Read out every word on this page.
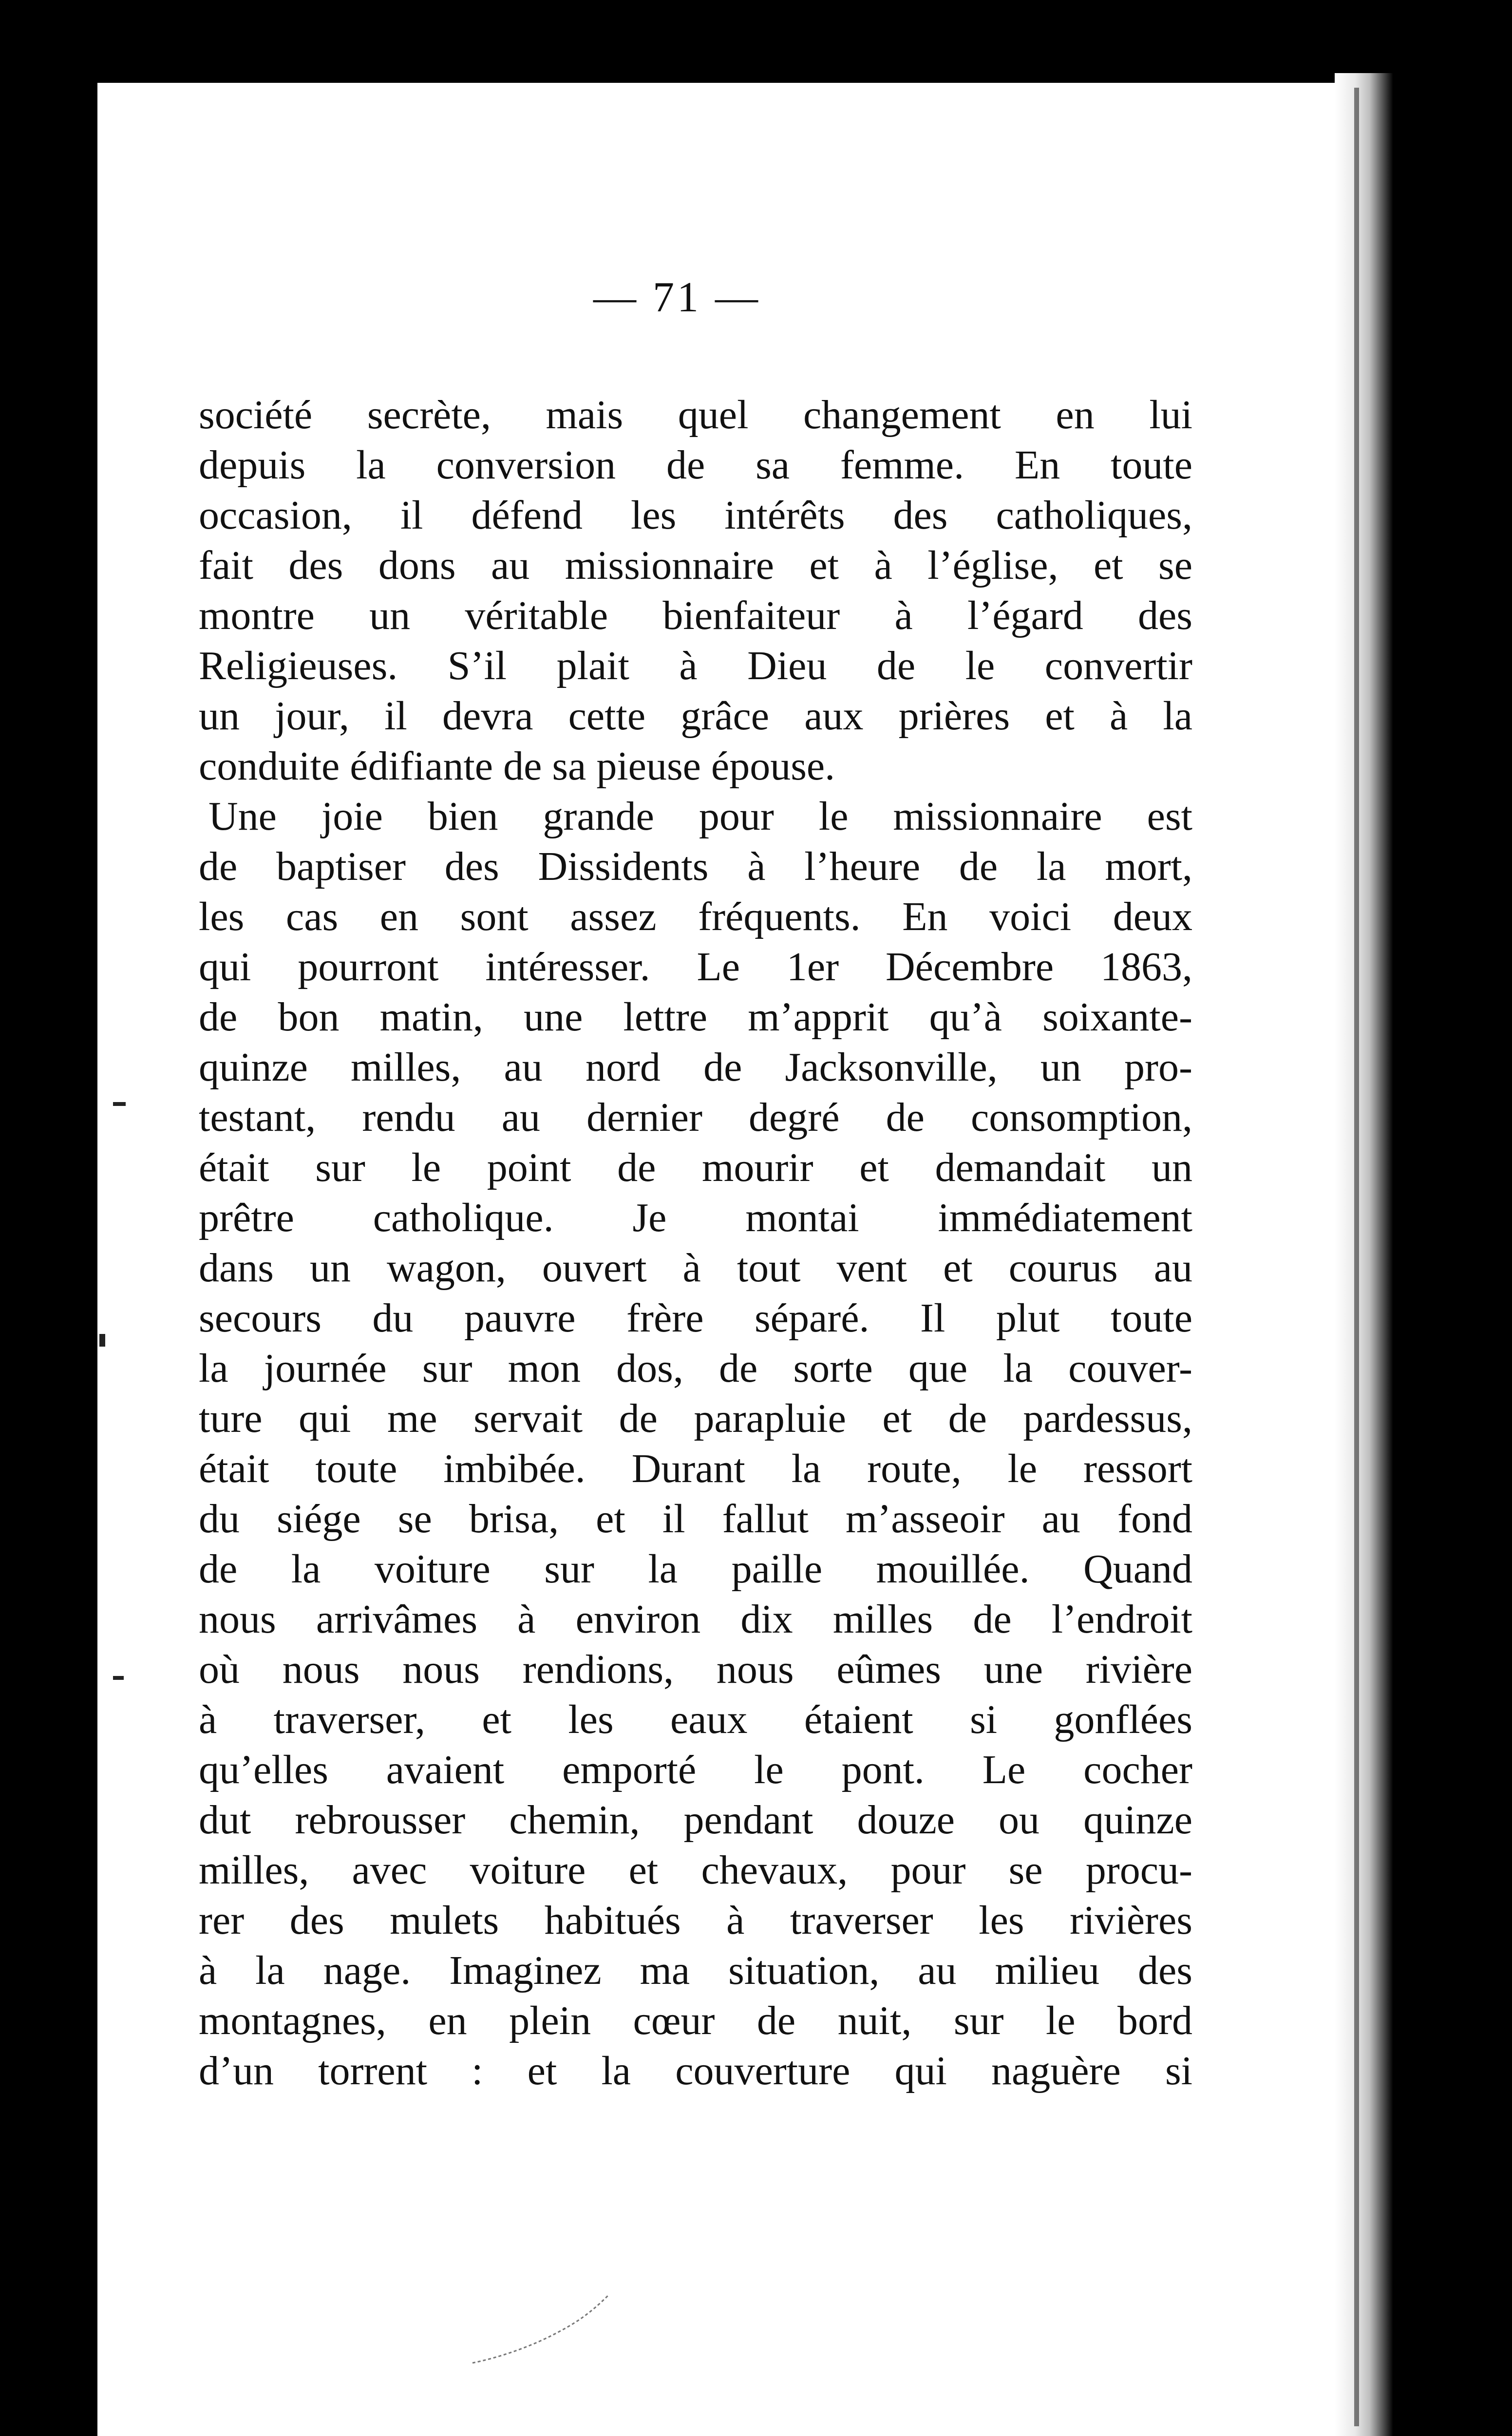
— 71 —
société secrète, mais quel changement en lui
depuis la conversion de sa femme. En toute
occasion, il défend les intérêts des catholiques,
fait des dons au missionnaire et à l’église, et se
montre un véritable bienfaiteur à l’égard des
Religieuses. S’il plait à Dieu de le convertir
un jour, il devra cette grâce aux prières et à la
conduite édifiante de sa pieuse épouse.
Une joie bien grande pour le missionnaire est
de baptiser des Dissidents à l’heure de la mort,
les cas en sont assez fréquents. En voici deux
qui pourront intéresser. Le 1er Décembre 1863,
de bon matin, une lettre m’apprit qu’à soixante-
quinze milles, au nord de Jacksonville, un pro-
testant, rendu au dernier degré de consomption,
était sur le point de mourir et demandait un
prêtre catholique. Je montai immédiatement
dans un wagon, ouvert à tout vent et courus au
secours du pauvre frère séparé. Il plut toute
la journée sur mon dos, de sorte que la couver-
ture qui me servait de parapluie et de pardessus,
était toute imbibée. Durant la route, le ressort
du siége se brisa, et il fallut m’asseoir au fond
de la voiture sur la paille mouillée. Quand
nous arrivâmes à environ dix milles de l’endroit
où nous nous rendions, nous eûmes une rivière
à traverser, et les eaux étaient si gonflées
qu’elles avaient emporté le pont. Le cocher
dut rebrousser chemin, pendant douze ou quinze
milles, avec voiture et chevaux, pour se procu-
rer des mulets habitués à traverser les rivières
à la nage. Imaginez ma situation, au milieu des
montagnes, en plein cœur de nuit, sur le bord
d’un torrent : et la couverture qui naguère si
